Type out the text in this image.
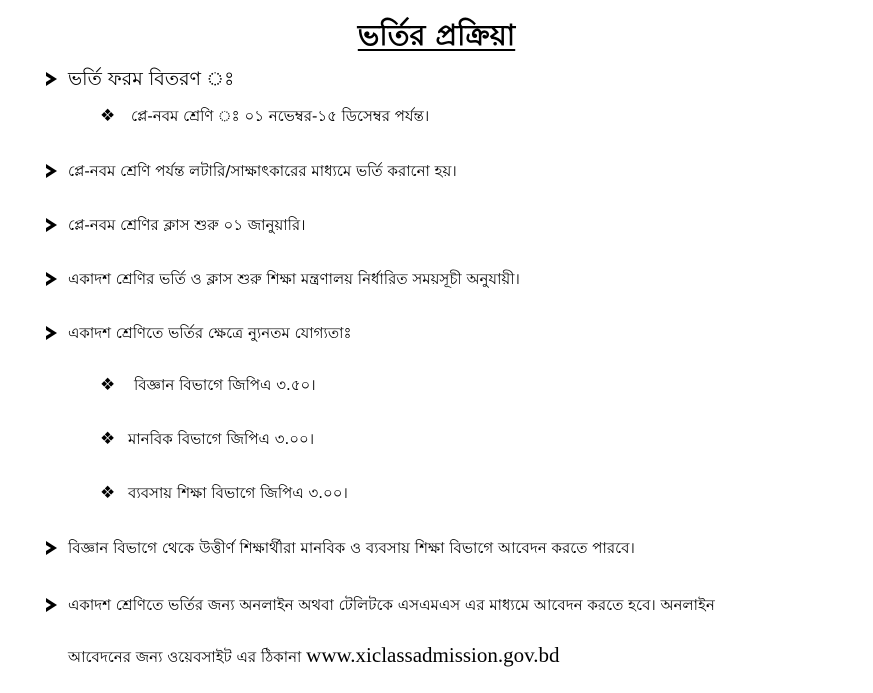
ভর্তির প্রক্রিয়া
ভর্তি ফরম বিতরণ ঃ
❖ প্লে-নবম শ্রেণি ঃ ০১ নভেম্বর-১৫ ডিসেম্বর পর্যন্ত।
প্লে-নবম শ্রেণি পর্যন্ত লটারি/সাক্ষাৎকারের মাধ্যমে ভর্তি করানো হয়।
প্লে-নবম শ্রেণির ক্লাস শুরু ০১ জানুয়ারি।
একাদশ শ্রেণির ভর্তি ও ক্লাস শুরু শিক্ষা মন্ত্রণালয় নির্ধারিত সময়সূচী অনুযায়ী।
একাদশ শ্রেণিতে ভর্তির ক্ষেত্রে ন্যুনতম যোগ্যতাঃ
❖ বিজ্ঞান বিভাগে জিপিএ ৩.৫০।
❖ মানবিক বিভাগে জিপিএ ৩.০০।
❖ ব্যবসায় শিক্ষা বিভাগে জিপিএ ৩.০০।
বিজ্ঞান বিভাগে থেকে উত্তীর্ণ শিক্ষার্থীরা মানবিক ও ব্যবসায় শিক্ষা বিভাগে আবেদন করতে পারবে।
একাদশ শ্রেণিতে ভর্তির জন্য অনলাইন অথবা টেলিটকে এসএমএস এর মাধ্যমে আবেদন করতে হবে। অনলাইন
আবেদনের জন্য ওয়েবসাইট এর ঠিকানা www.xiclassadmission.gov.bd
